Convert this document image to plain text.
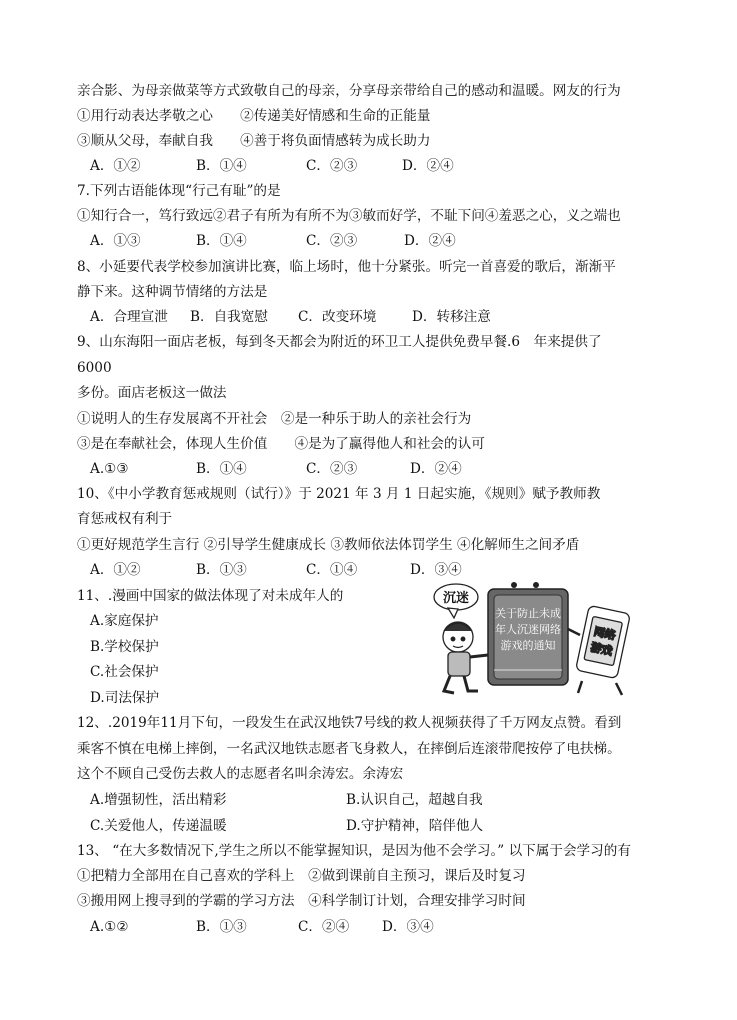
亲合影、为母亲做菜等方式致敬自己的母亲，分享母亲带给自己的感动和温暖。网友的行为
①用行动表达孝敬之心　　②传递美好情感和生命的正能量
③顺从父母，奉献自我　　④善于将负面情感转为成长助力
A．①②	B．①④	C．②③	D．②④
7.下列古语能体现“行己有耻”的是
①知行合一，笃行致远②君子有所为有所不为③敏而好学，不耻下问④羞恶之心，义之端也
A．①③	B．①④	C．②③	D．②④
8、小延要代表学校参加演讲比赛，临上场时，他十分紧张。听完一首喜爱的歌后，渐渐平
静下来。这种调节情绪的方法是
A．合理宣泄 B．自我宽慰 C．改变环境	D．转移注意
9、山东海阳一面店老板，每到冬天都会为附近的环卫工人提供免费早餐.6　年来提供了
6000
多份。面店老板这一做法
①说明人的生存发展离不开社会　②是一种乐于助人的亲社会行为
③是在奉献社会，体现人生价值　　④是为了赢得他人和社会的认可
A.①③	B．①④	C．②③	D．②④
10、《中小学教育惩戒规则（试行）》于 2021 年 3 月 1 日起实施，《规则》赋予教师教
育惩戒权有利于
①更好规范学生言行 ②引导学生健康成长 ③教师依法体罚学生 ④化解师生之间矛盾
A．①②	B．①③	C．①④	D．③④
11、.漫画中国家的做法体现了对未成年人的
A.家庭保护
B.学校保护
C.社会保护
D.司法保护
沉迷
关于防止未成
年人沉迷网络
游戏的通知
网络
游戏
12、.2019年11月下旬，一段发生在武汉地铁7号线的救人视频获得了千万网友点赞。看到
乘客不慎在电梯上摔倒，一名武汉地铁志愿者飞身救人，在摔倒后连滚带爬按停了电扶梯。
这个不顾自己受伤去救人的志愿者名叫余涛宏。余涛宏
A.增强韧性，活出精彩	B.认识自己，超越自我
C.关爱他人，传递温暖	D.守护精神，陪伴他人
13、 “在大多数情况下,学生之所以不能掌握知识，是因为他不会学习。” 以下属于会学习的有
①把精力全部用在自己喜欢的学科上　②做到课前自主预习，课后及时复习
③搬用网上搜寻到的学霸的学习方法　④科学制订计划，合理安排学习时间
A.①②	B．①③	C．②④ D．③④
